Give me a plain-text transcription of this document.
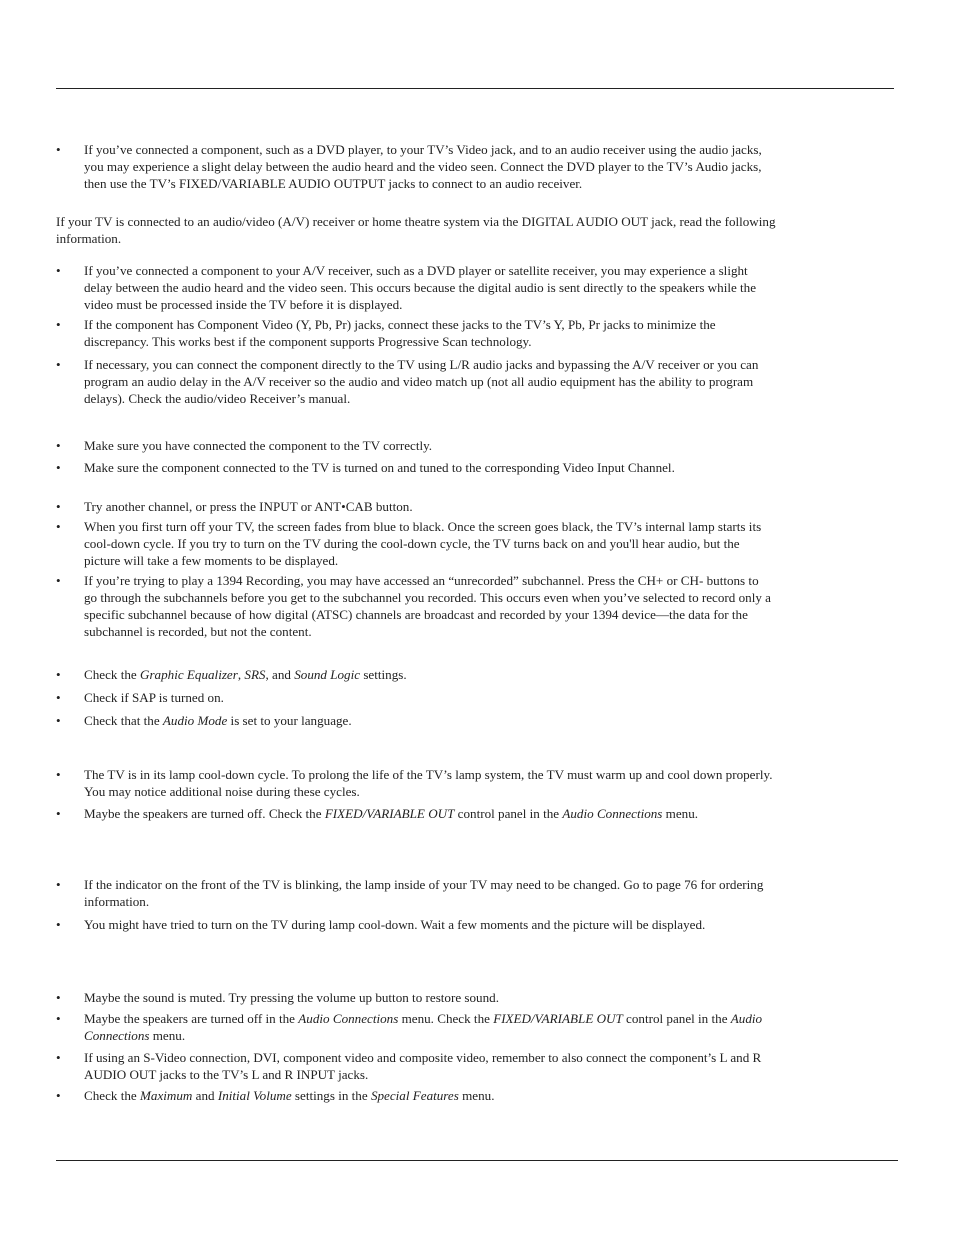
•	If you’ve connected a component, such as a DVD player, to your TV’s Video jack, and to an audio receiver using the audio jacks, you may experience a slight delay between the audio heard and the video seen. Connect the DVD player to the TV’s Audio jacks, then use the TV’s FIXED/VARIABLE AUDIO OUTPUT jacks to connect to an audio receiver.
If your TV is connected to an audio/video (A/V) receiver or home theatre system via the DIGITAL AUDIO OUT jack, read the following information.
•	If you’ve connected a component to your A/V receiver, such as a DVD player or satellite receiver, you may experience a slight delay between the audio heard and the video seen. This occurs because the digital audio is sent directly to the speakers while the video must be processed inside the TV before it is displayed.
•	If the component has Component Video (Y, Pb, Pr) jacks, connect these jacks to the TV’s Y, Pb, Pr jacks to minimize the discrepancy. This works best if the component supports Progressive Scan technology.
•	If necessary, you can connect the component directly to the TV using L/R audio jacks and bypassing the A/V receiver or you can program an audio delay in the A/V receiver so the audio and video match up (not all audio equipment has the ability to program delays). Check the audio/video Receiver’s manual.
•	Make sure you have connected the component to the TV correctly.
•	Make sure the component connected to the TV is turned on and tuned to the corresponding Video Input Channel.
•	Try another channel, or press the INPUT or ANT•CAB button.
•	When you first turn off your TV, the screen fades from blue to black. Once the screen goes black, the TV’s internal lamp starts its cool-down cycle. If you try to turn on the TV during the cool-down cycle, the TV turns back on and you'll hear audio, but the picture will take a few moments to be displayed.
•	If you’re trying to play a 1394 Recording, you may have accessed an “unrecorded” subchannel. Press the CH+ or CH- buttons to go through the subchannels before you get to the subchannel you recorded. This occurs even when you’ve selected to record only a specific subchannel because of how digital (ATSC) channels are broadcast and recorded by your 1394 device—the data for the subchannel is recorded, but not the content.
•	Check the Graphic Equalizer, SRS, and Sound Logic settings.
•	Check if SAP is turned on.
•	Check that the Audio Mode is set to your language.
•	The TV is in its lamp cool-down cycle. To prolong the life of the TV’s lamp system, the TV must warm up and cool down properly. You may notice additional noise during these cycles.
•	Maybe the speakers are turned off. Check the FIXED/VARIABLE OUT control panel in the Audio Connections menu.
•	If the indicator on the front of the TV is blinking, the lamp inside of your TV may need to be changed. Go to page 76 for ordering information.
•	You might have tried to turn on the TV during lamp cool-down. Wait a few moments and the picture will be displayed.
•	Maybe the sound is muted. Try pressing the volume up button to restore sound.
•	Maybe the speakers are turned off in the Audio Connections menu. Check the FIXED/VARIABLE OUT control panel in the Audio Connections menu.
•	If using an S-Video connection, DVI, component video and composite video, remember to also connect the component’s L and R AUDIO OUT jacks to the TV’s L and R INPUT jacks.
•	Check the Maximum and Initial Volume settings in the Special Features menu.
